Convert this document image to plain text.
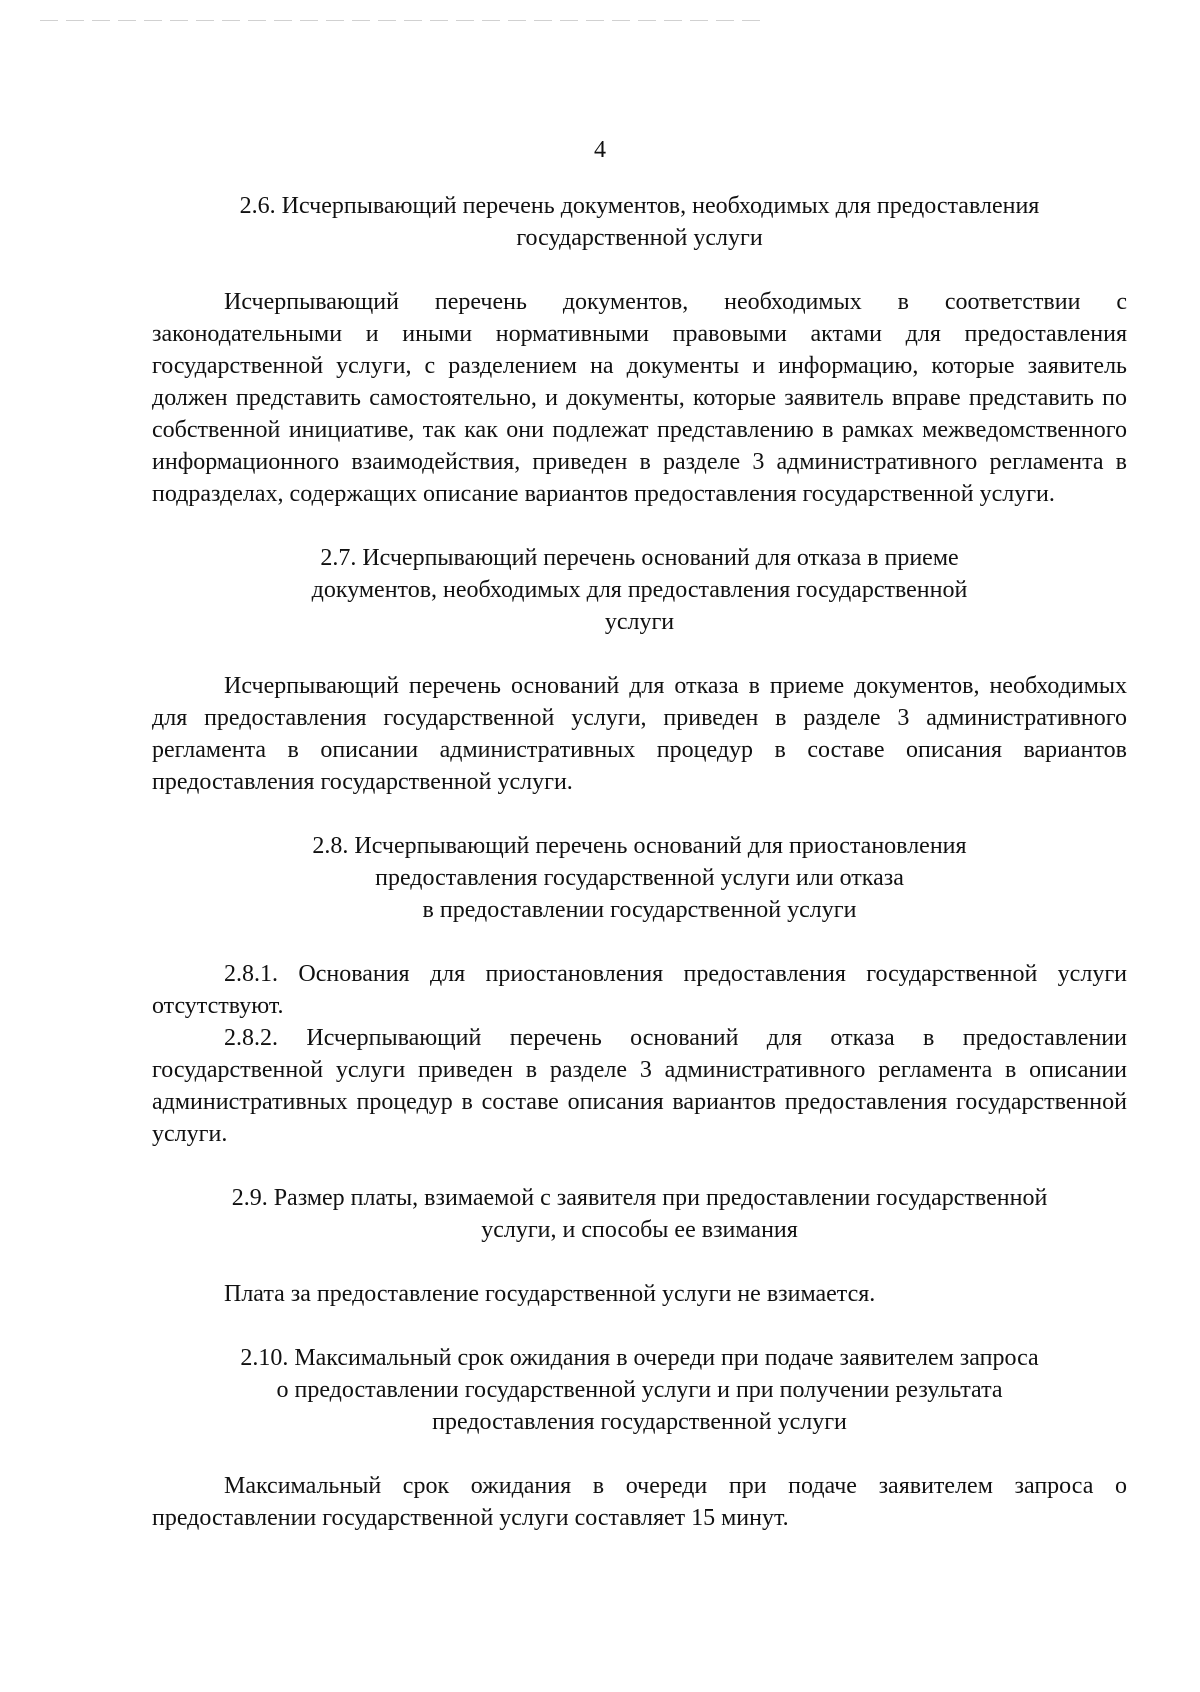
4
2.6. Исчерпывающий перечень документов, необходимых для предоставления
государственной услуги

Исчерпывающий перечень документов, необходимых в соответствии с законодательными и иными нормативными правовыми актами для предоставления государственной услуги, с разделением на документы и информацию, которые заявитель должен представить самостоятельно, и документы, которые заявитель вправе представить по собственной инициативе, так как они подлежат представлению в рамках межведомственного информационного взаимодействия, приведен в разделе 3 административного регламента в подразделах, содержащих описание вариантов предоставления государственной услуги.

2.7. Исчерпывающий перечень оснований для отказа в приеме
документов, необходимых для предоставления государственной
услуги

Исчерпывающий перечень оснований для отказа в приеме документов, необходимых для предоставления государственной услуги, приведен в разделе 3 административного регламента в описании административных процедур в составе описания вариантов предоставления государственной услуги.

2.8. Исчерпывающий перечень оснований для приостановления
предоставления государственной услуги или отказа
в предоставлении государственной услуги

2.8.1. Основания для приостановления предоставления государственной услуги отсутствуют.

2.8.2. Исчерпывающий перечень оснований для отказа в предоставлении государственной услуги приведен в разделе 3 административного регламента в описании административных процедур в составе описания вариантов предоставления государственной услуги.

2.9. Размер платы, взимаемой с заявителя при предоставлении государственной
услуги, и способы ее взимания

Плата за предоставление государственной услуги не взимается.

2.10. Максимальный срок ожидания в очереди при подаче заявителем запроса
о предоставлении государственной услуги и при получении результата
предоставления государственной услуги

Максимальный срок ожидания в очереди при подаче заявителем запроса о предоставлении государственной услуги составляет 15 минут.
